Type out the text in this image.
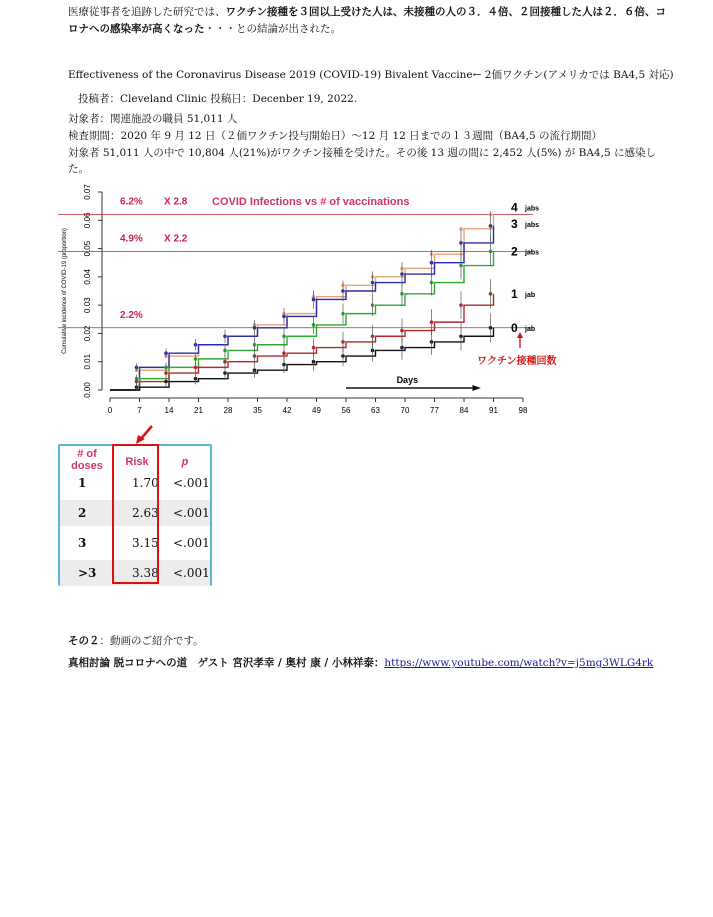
医療従事者を追跡した研究では、ワクチン接種を３回以上受けた人は、未接種の人の３．４倍、２回接種した人は２．６倍、コロナへの感染率が高くなった・・・との結論が出された。
Effectiveness of the Coronavirus Disease 2019 (COVID-19) Bivalent Vaccine← 2価ワクチン(アメリカでは BA4,5 対応)
投稿者：Cleveland Clinic 投稿日：Decenber 19, 2022.
対象者：関連施設の職員 51,011 人
検査期間：2020 年 9 月 12 日（２価ワクチン投与開始日）～12 月 12 日までの１３週間（BA4,5 の流行期間）
対象者 51,011 人の中で 10,804 人(21%)がワクチン接種を受けた。その後 13 週の間に 2,452 人(5%) が BA4,5 に感染し
た。
0.00
0.01
0.02
0.03
0.04
0.05
0.06
0.07
0	7	14	21	28	35	42	49	56	63	70	77	84	91	98
Cumulative incidence of COVID-19 (proportion)
6.2% X 2.8
4.9% X 2.2
2.2%
COVID Infections vs # of vaccinations	4 jabs
3 jabs
2 jabs
1 jab
0 jab
Days
ワクチン接種回数
# of doses	Risk	p
1	1.70 <.001
2	2.63 <.001
3	3.15 <.001
>3	3.38 <.001
その２：動画のご紹介です。
真相討論 脱コロナへの道　ゲスト 宮沢孝幸 / 奥村 康 / 小林祥泰：https://www.youtube.com/watch?v=j5mg3WLG4rk
